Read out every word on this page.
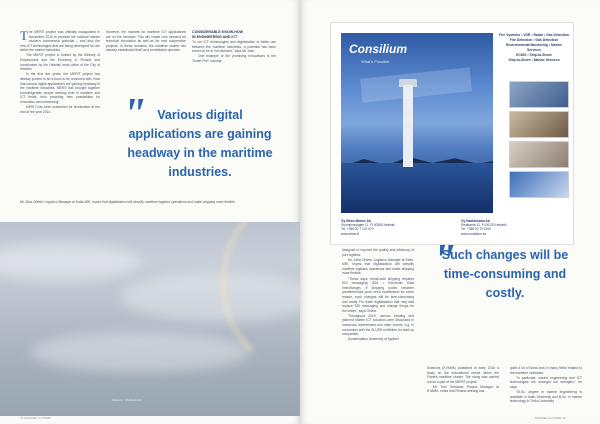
T he MERIT project was officially inaugurated in November 2013 to promote the national marine cluster's commercial potential – and also the new ICT technologies that are being developed for use within the marine industries.

The MERIT project is funded by the Ministry of Employment and the Economy in Finland and coordinated by the Helsinki head office of the City of Helsinki.

In the first two years, the MERIT project has already proved to be a boon to be reckoned with. Now that various digital applications are gaining headway in the maritime industries, MERIT has brought together knowledgeable people working both in maritime and ICT fields, thus providing new possibilities for innovation and networking.

MERIT has been scheduled for termination at the end of the year 2014.

However, the markets for maritime ICT applications are on the increase. This will create new demand for technical innovation as well as for new cooperative projects. In these domains, the maritime cluster has already established itself as a remarkable operator.

CONSIDERABLE KNOW-HOW
IN ENGINEERING AND ICT

"In our ICT technologies and digitalization to better use between the maritime industries, a potential has been shown to be in hot demand," says Mr. Anin.

One example of the promising innovations is the 'Smart Port' concept.

" Various digital applications are gaining headway in the maritime industries.
Mr. Aina Öhtele, Logistics Manager at Kalla-MRI, hopes that digitalization will simplify maritime logistics operations and make shipping more flexible.
Walsula / Shutterstock
18 MARINE CLUSTER	MARINE CLUSTER 19
Consilium
What's Possible
Fire Systems • VDR • Radar • Gas Detection
Fire Detection • Gas Detection
Environmental Monitoring • Marine Services
ECDIS • Ship-to-Shore
Ship-to-Shore • Marine Services
Oy Miran Marine Ab
Sturmpinsvägen 11, FI-00380 Helsinki
Tel. +358 20 7 123 570
www.miran.fi
Oy Haaksivaara Ab
Eteläranta 12, FI-00130 Helsinki
Tel. +358 20 79 2200
www.consilium.se

designed to improve the quality and efficiency of port logistics.

Mr. Jaha Ohtele, Logistics Manager at Kalla-MRI, hopes that digitalization will simplify maritime logistics operations and make shipping more flexible.

"These days, break-bulk shipping requires EDI messaging (EDI = Electronic Data Interchange). If shipping routes between predetermined ports need modification for some reason, such changes will be time-consuming and costly. For trade digitalization that may well replace EDI messaging and change things for the better," says Ohtele.

Throughout 2015, various existing and planned marine ICT solutions were discussed in numerous conferences and other events, e.g. in connection with the SLUSH exhibition for start-up companies.

Kymenlaakso University of Applied

"
Such changes will be time-consuming and costly.

Sciences (KYAMK) published in early 2016 a study on the educational needs within the Finnish maritime cluster. The study was carried out as a part of the MERIT project.

Mr. Tom Oresavar, Project Manager at KYAMK, notes that Finland already has

quite a lot of know-how in many fields related to the maritime industries.

"In particular, marine engineering and ICT technologies are amongst our strengths," he says.

"M.Sc. degree in marine engineering is available in Aalto University and B.Sc. in marine technology in Turku University
